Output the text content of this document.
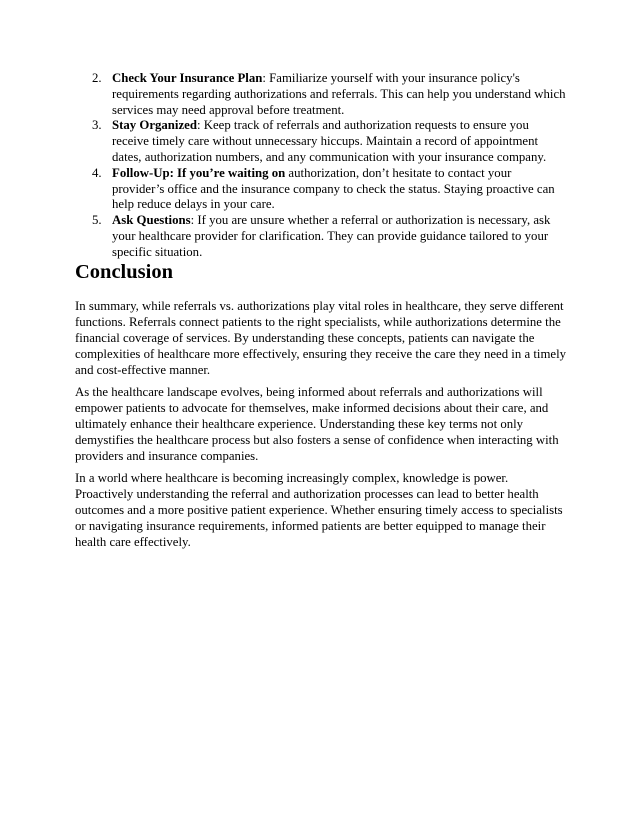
2. Check Your Insurance Plan: Familiarize yourself with your insurance policy's requirements regarding authorizations and referrals. This can help you understand which services may need approval before treatment.
3. Stay Organized: Keep track of referrals and authorization requests to ensure you receive timely care without unnecessary hiccups. Maintain a record of appointment dates, authorization numbers, and any communication with your insurance company.
4. Follow-Up: If you’re waiting on authorization, don’t hesitate to contact your provider’s office and the insurance company to check the status. Staying proactive can help reduce delays in your care.
5. Ask Questions: If you are unsure whether a referral or authorization is necessary, ask your healthcare provider for clarification. They can provide guidance tailored to your specific situation.
Conclusion

In summary, while referrals vs. authorizations play vital roles in healthcare, they serve different functions. Referrals connect patients to the right specialists, while authorizations determine the financial coverage of services. By understanding these concepts, patients can navigate the complexities of healthcare more effectively, ensuring they receive the care they need in a timely and cost-effective manner.

As the healthcare landscape evolves, being informed about referrals and authorizations will empower patients to advocate for themselves, make informed decisions about their care, and ultimately enhance their healthcare experience. Understanding these key terms not only demystifies the healthcare process but also fosters a sense of confidence when interacting with providers and insurance companies.

In a world where healthcare is becoming increasingly complex, knowledge is power. Proactively understanding the referral and authorization processes can lead to better health outcomes and a more positive patient experience. Whether ensuring timely access to specialists or navigating insurance requirements, informed patients are better equipped to manage their health care effectively.
